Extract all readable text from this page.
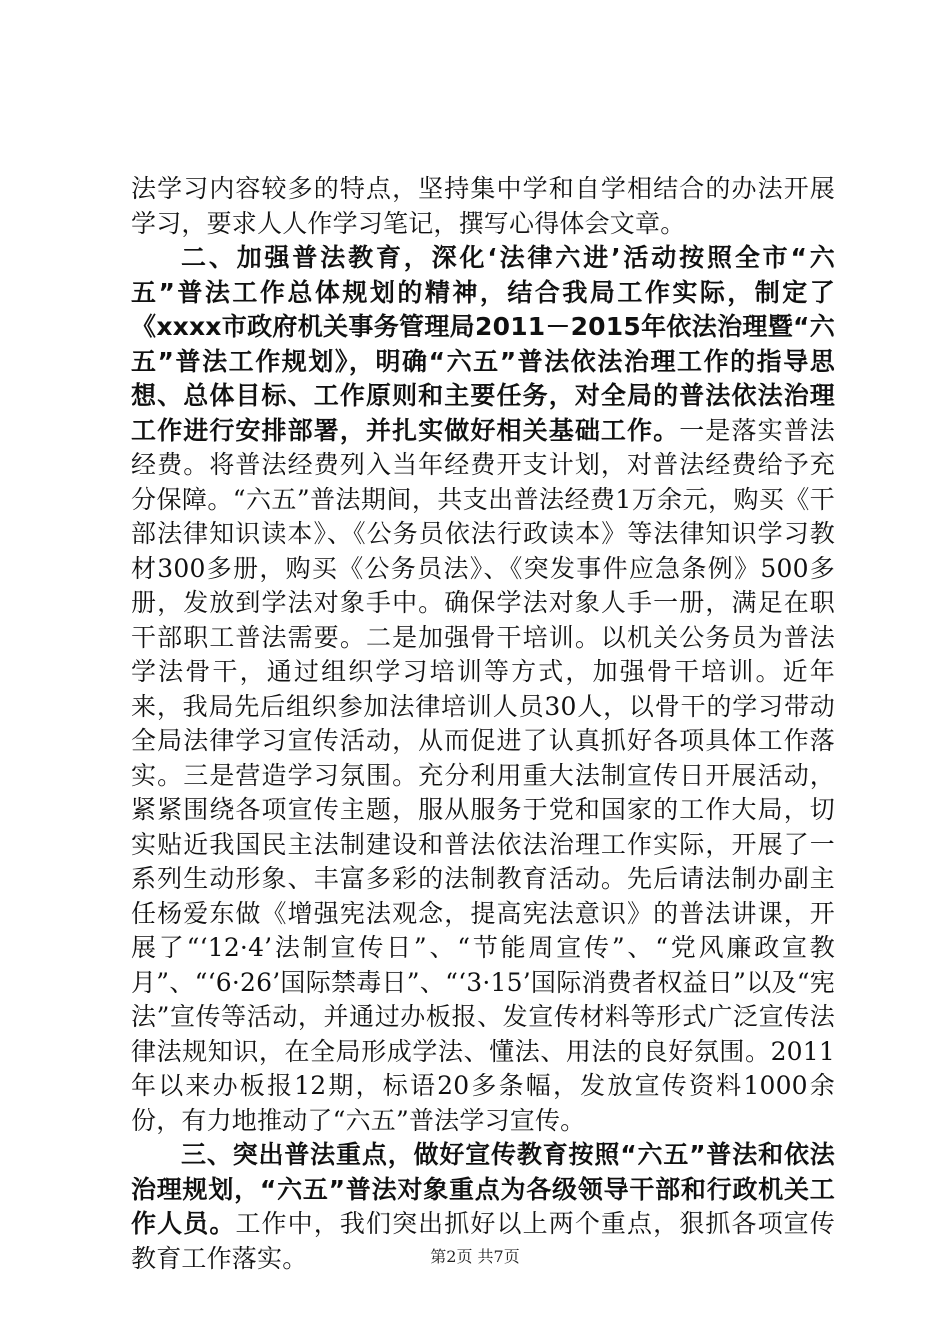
法学习内容较多的特点，坚持集中学和自学相结合的办法开展学习，要求人人作学习笔记，撰写心得体会文章。

二、加强普法教育，深化‘法律六进’活动按照全市“六五”普法工作总体规划的精神，结合我局工作实际，制定了《xxxx市政府机关事务管理局2011－2015年依法治理暨“六五”普法工作规划》，明确“六五”普法依法治理工作的指导思想、总体目标、工作原则和主要任务，对全局的普法依法治理工作进行安排部署，并扎实做好相关基础工作。一是落实普法经费。将普法经费列入当年经费开支计划，对普法经费给予充分保障。“六五”普法期间，共支出普法经费1万余元，购买《干部法律知识读本》、《公务员依法行政读本》等法律知识学习教材300多册，购买《公务员法》、《突发事件应急条例》500多册，发放到学法对象手中。确保学法对象人手一册，满足在职干部职工普法需要。二是加强骨干培训。以机关公务员为普法学法骨干，通过组织学习培训等方式，加强骨干培训。近年来，我局先后组织参加法律培训人员30人，以骨干的学习带动全局法律学习宣传活动，从而促进了认真抓好各项具体工作落实。三是营造学习氛围。充分利用重大法制宣传日开展活动，紧紧围绕各项宣传主题，服从服务于党和国家的工作大局，切实贴近我国民主法制建设和普法依法治理工作实际，开展了一系列生动形象、丰富多彩的法制教育活动。先后请法制办副主任杨爱东做《增强宪法观念，提高宪法意识》的普法讲课，开展了“‘12·4’法制宣传日”、“节能周宣传”、“党风廉政宣教月”、“‘6·26’国际禁毒日”、“‘3·15’国际消费者权益日”以及“宪法”宣传等活动，并通过办板报、发宣传材料等形式广泛宣传法律法规知识，在全局形成学法、懂法、用法的良好氛围。2011年以来办板报12期，标语20多条幅，发放宣传资料1000余份，有力地推动了“六五”普法学习宣传。

三、突出普法重点，做好宣传教育按照“六五”普法和依法治理规划，“六五”普法对象重点为各级领导干部和行政机关工作人员。工作中，我们突出抓好以上两个重点，狠抓各项宣传教育工作落实。	第2页 共7页
